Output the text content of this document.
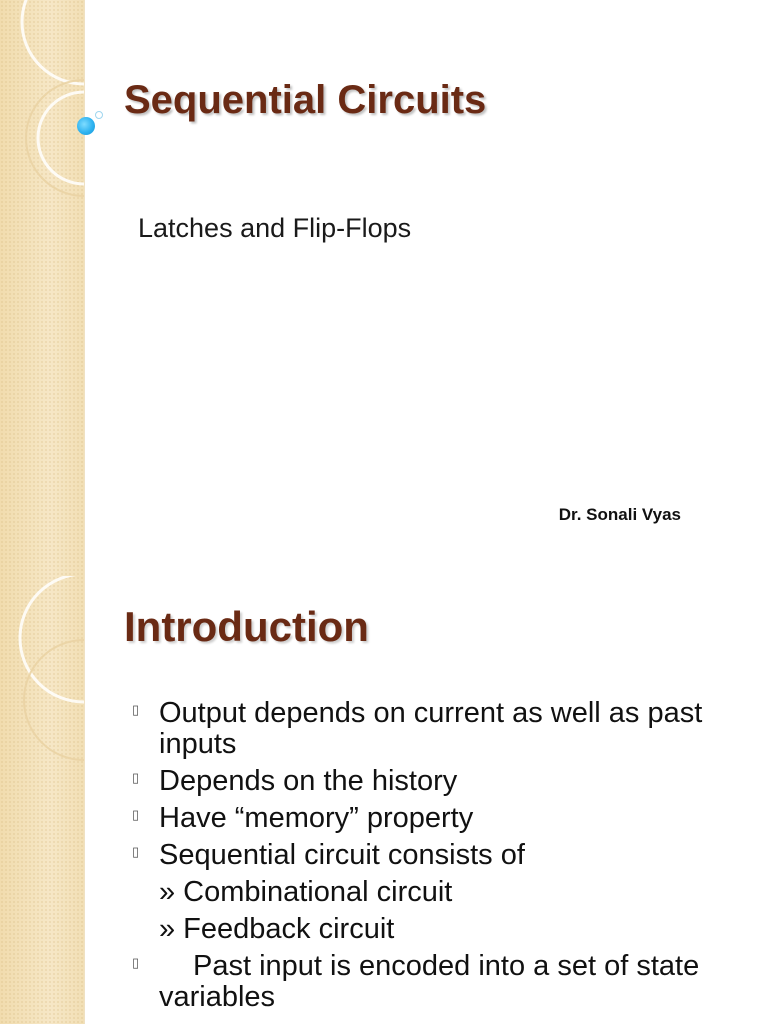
Sequential Circuits

Latches and Flip-Flops

Dr. Sonali Vyas

Introduction
▯ Output depends on current as well as past inputs
▯ Depends on the history
▯ Have “memory” property
▯ Sequential circuit consists of
» Combinational circuit
» Feedback circuit
▯ Past input is encoded into a set of state variables
